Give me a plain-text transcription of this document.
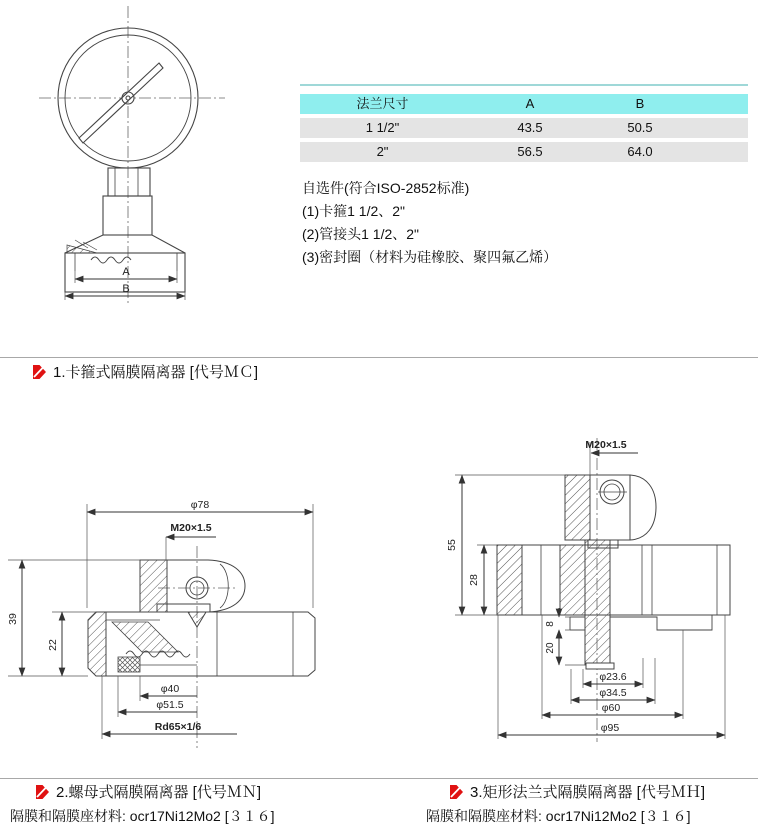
A
B
法兰尺寸	A	B
1 1/2"	43.5	50.5
2"	56.5	64.0
自选件(符合ISO-2852标准)
(1)卡箍1 1/2、2"
(2)管接头1 1/2、2"
(3)密封圈（材料为硅橡胶、聚四氟乙烯）
1.卡箍式隔膜隔离器 [代号ＭＣ]
φ78
M20×1.5
39
22
φ40
φ51.5
Rd65×1/6
M20×1.5
55
28
8
20
φ23.6
φ34.5
φ60
φ95
2.螺母式隔膜隔离器 [代号ＭＮ]
隔膜和隔膜座材料: ocr17Ni12Mo2 [３１６]
3.矩形法兰式隔膜隔离器 [代号ＭＨ]
隔膜和隔膜座材料: ocr17Ni12Mo2 [３１６]
